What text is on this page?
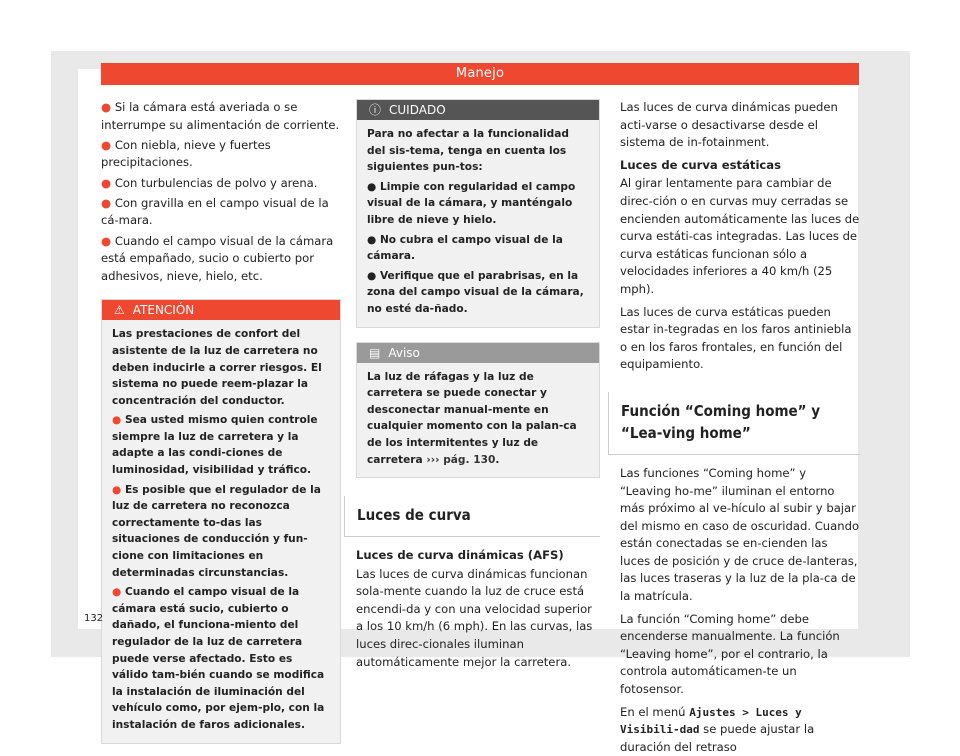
Manejo

● Si la cámara está averiada o se interrumpe su alimentación de corriente.

● Con niebla, nieve y fuertes precipitaciones.

● Con turbulencias de polvo y arena.

● Con gravilla en el campo visual de la cá-mara.

● Cuando el campo visual de la cámara está empañado, sucio o cubierto por adhesivos, nieve, hielo, etc.

⚠ ATENCIÓN

Las prestaciones de confort del asistente de la luz de carretera no deben inducirle a correr riesgos. El sistema no puede reem-plazar la concentración del conductor.

● Sea usted mismo quien controle siempre la luz de carretera y la adapte a las condi-ciones de luminosidad, visibilidad y tráfico.

● Es posible que el regulador de la luz de carretera no reconozca correctamente to-das las situaciones de conducción y fun-cione con limitaciones en determinadas circunstancias.

● Cuando el campo visual de la cámara está sucio, cubierto o dañado, el funciona-miento del regulador de la luz de carretera puede verse afectado. Esto es válido tam-bién cuando se modifica la instalación de iluminación del vehículo como, por ejem-plo, con la instalación de faros adicionales.

ⓘ CUIDADO

Para no afectar a la funcionalidad del sis-tema, tenga en cuenta los siguientes pun-tos:

● Limpie con regularidad el campo visual de la cámara, y manténgalo libre de nieve y hielo.

● No cubra el campo visual de la cámara.

● Verifique que el parabrisas, en la zona del campo visual de la cámara, no esté da-ñado.

▤ Aviso

La luz de ráfagas y la luz de carretera se puede conectar y desconectar manual-mente en cualquier momento con la palan-ca de los intermitentes y luz de carretera ››› pág. 130.

Luces de curva

Luces de curva dinámicas (AFS)

Las luces de curva dinámicas funcionan sola-mente cuando la luz de cruce está encendi-da y con una velocidad superior a los 10 km/h (6 mph). En las curvas, las luces direc-cionales iluminan automáticamente mejor la carretera.

Las luces de curva dinámicas pueden acti-varse o desactivarse desde el sistema de in-fotainment.

Luces de curva estáticas

Al girar lentamente para cambiar de direc-ción o en curvas muy cerradas se encienden automáticamente las luces de curva estáti-cas integradas. Las luces de curva estáticas funcionan sólo a velocidades inferiores a 40 km/h (25 mph).

Las luces de curva estáticas pueden estar in-tegradas en los faros antiniebla o en los faros frontales, en función del equipamiento.

Función “Coming home” y “Lea-ving home”

Las funciones “Coming home” y “Leaving ho-me” iluminan el entorno más próximo al ve-hículo al subir y bajar del mismo en caso de oscuridad. Cuando están conectadas se en-cienden las luces de posición y de cruce de-lanteras, las luces traseras y la luz de la pla-ca de la matrícula.

La función “Coming home” debe encenderse manualmente. La función “Leaving home”, por el contrario, la controla automáticamen-te un fotosensor.

En el menú Ajustes > Luces y Visibili-dad se puede ajustar la duración del retraso

132
